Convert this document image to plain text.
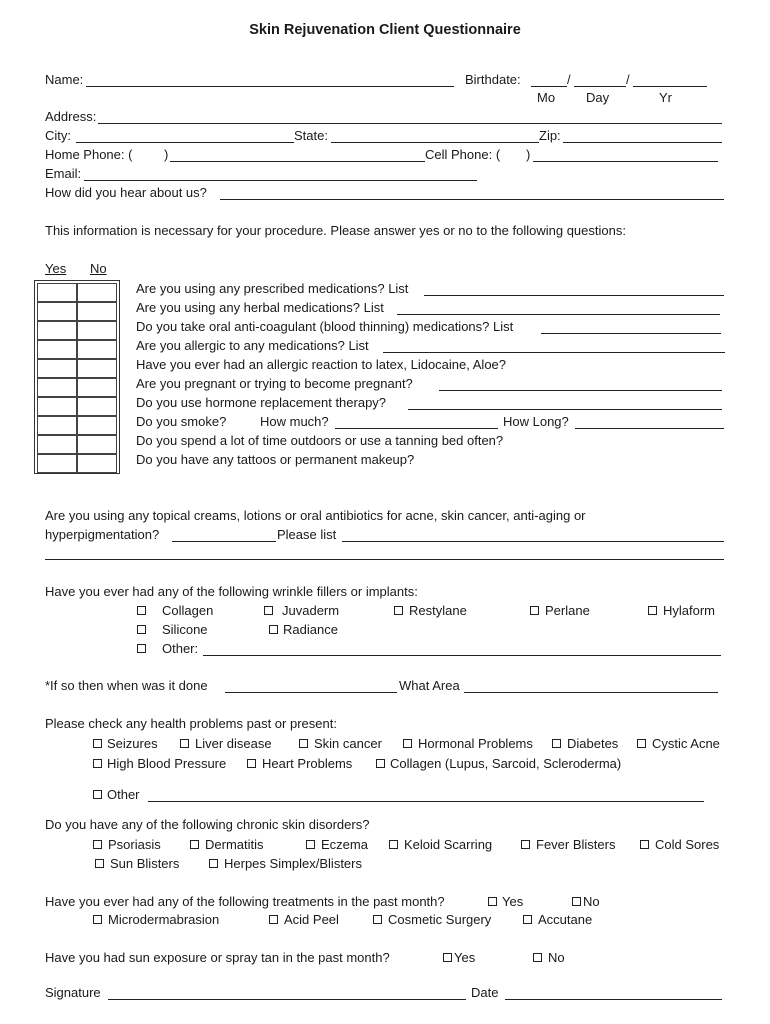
Skin Rejuvenation Client Questionnaire
Name:	Birthdate:	/	/
Mo Day	Yr
Address:
City:	State:	Zip:
Home Phone: ( )	Cell Phone: ( )
Email:
How did you hear about us?
This information is necessary for your procedure. Please answer yes or no to the following questions:
Yes No
Are you using any prescribed medications? List
Are you using any herbal medications? List
Do you take oral anti-coagulant (blood thinning) medications? List
Are you allergic to any medications? List
Have you ever had an allergic reaction to latex, Lidocaine, Aloe?
Are you pregnant or trying to become pregnant?
Do you use hormone replacement therapy?
Do you smoke?	How much?	How Long?
Do you spend a lot of time outdoors or use a tanning bed often?
Do you have any tattoos or permanent makeup?
Are you using any topical creams, lotions or oral antibiotics for acne, skin cancer, anti-aging or
hyperpigmentation?	Please list
Have you ever had any of the following wrinkle fillers or implants:
Collagen	Juvaderm	Restylane	Perlane	Hylaform
Silicone	Radiance
Other:
*If so then when was it done	What Area
Please check any health problems past or present:
Seizures	Liver disease	Skin cancer	Hormonal Problems	Diabetes	Cystic Acne
High Blood Pressure	Heart Problems	Collagen (Lupus, Sarcoid, Scleroderma)
Other
Do you have any of the following chronic skin disorders?
Psoriasis	Dermatitis	Eczema	Keloid Scarring	Fever Blisters	Cold Sores
Sun Blisters	Herpes Simplex/Blisters
Have you ever had any of the following treatments in the past month?	Yes	No
Microdermabrasion	Acid Peel	Cosmetic Surgery	Accutane
Have you had sun exposure or spray tan in the past month?	Yes	No
Signature	Date
